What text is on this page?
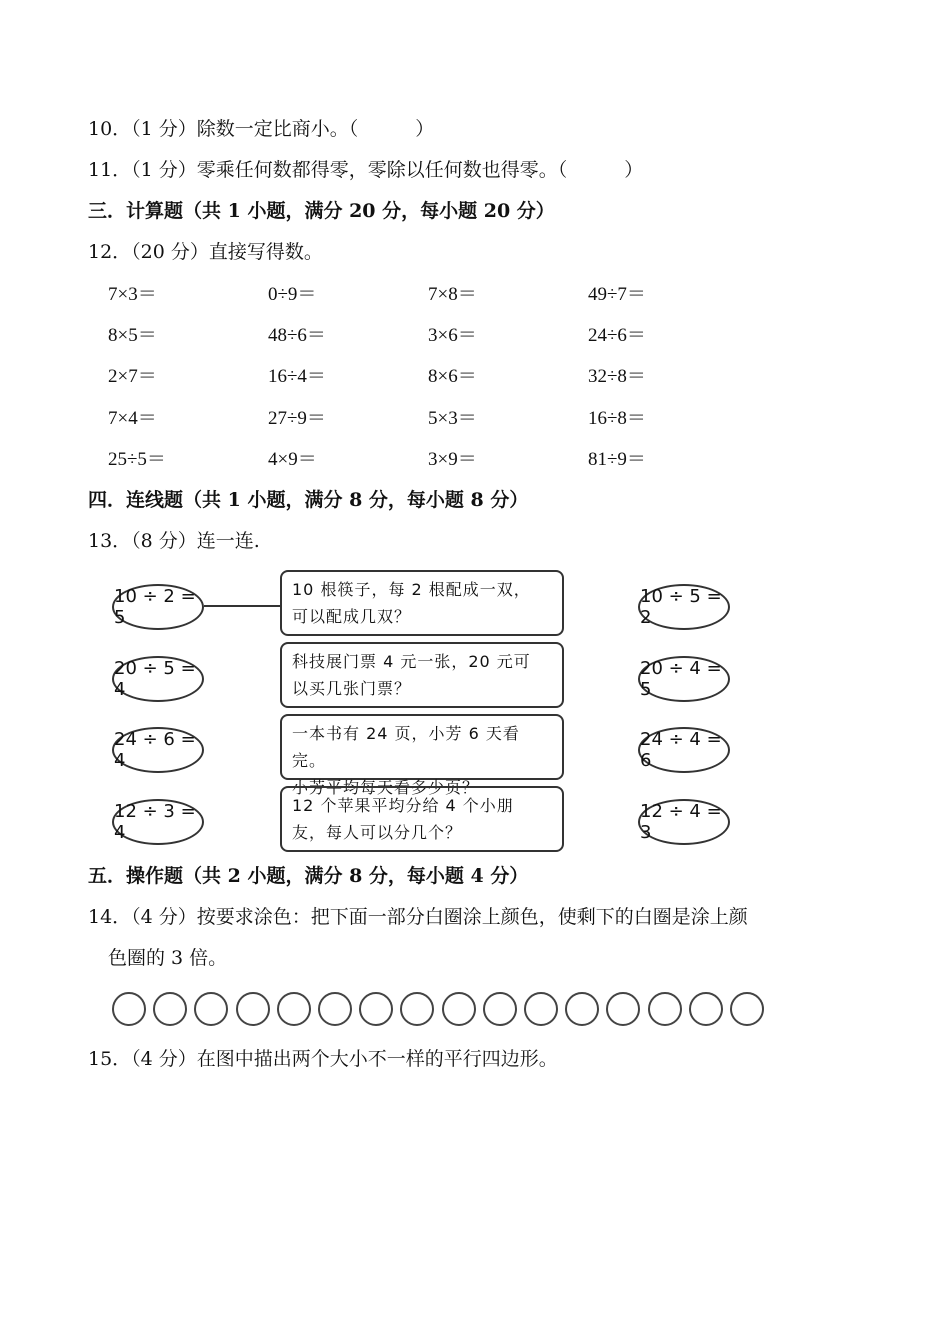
10．（1 分）除数一定比商小。（　　　）
11．（1 分）零乘任何数都得零，零除以任何数也得零。（　　　）
三．计算题（共 1 小题，满分 20 分，每小题 20 分）
12．（20 分）直接写得数。
7×3＝	0÷9＝	7×8＝	49÷7＝
8×5＝	48÷6＝	3×6＝	24÷6＝
2×7＝	16÷4＝	8×6＝	32÷8＝
7×4＝	27÷9＝	5×3＝	16÷8＝
25÷5＝	4×9＝	3×9＝	81÷9＝
四．连线题（共 1 小题，满分 8 分，每小题 8 分）
13．（8 分）连一连.
10 ÷ 2 = 5
20 ÷ 5 = 4
24 ÷ 6 = 4
12 ÷ 3 = 4
10 根筷子，每 2 根配成一双，
可以配成几双？
科技展门票 4 元一张，20 元可
以买几张门票？
一本书有 24 页，小芳 6 天看完。
小芳平均每天看多少页？
12 个苹果平均分给 4 个小朋
友，每人可以分几个？
10 ÷ 5 = 2
20 ÷ 4 = 5
24 ÷ 4 = 6
12 ÷ 4 = 3
五．操作题（共 2 小题，满分 8 分，每小题 4 分）
14．（4 分）按要求涂色：把下面一部分白圈涂上颜色，使剩下的白圈是涂上颜
色圈的 3 倍。
15．（4 分）在图中描出两个大小不一样的平行四边形。
